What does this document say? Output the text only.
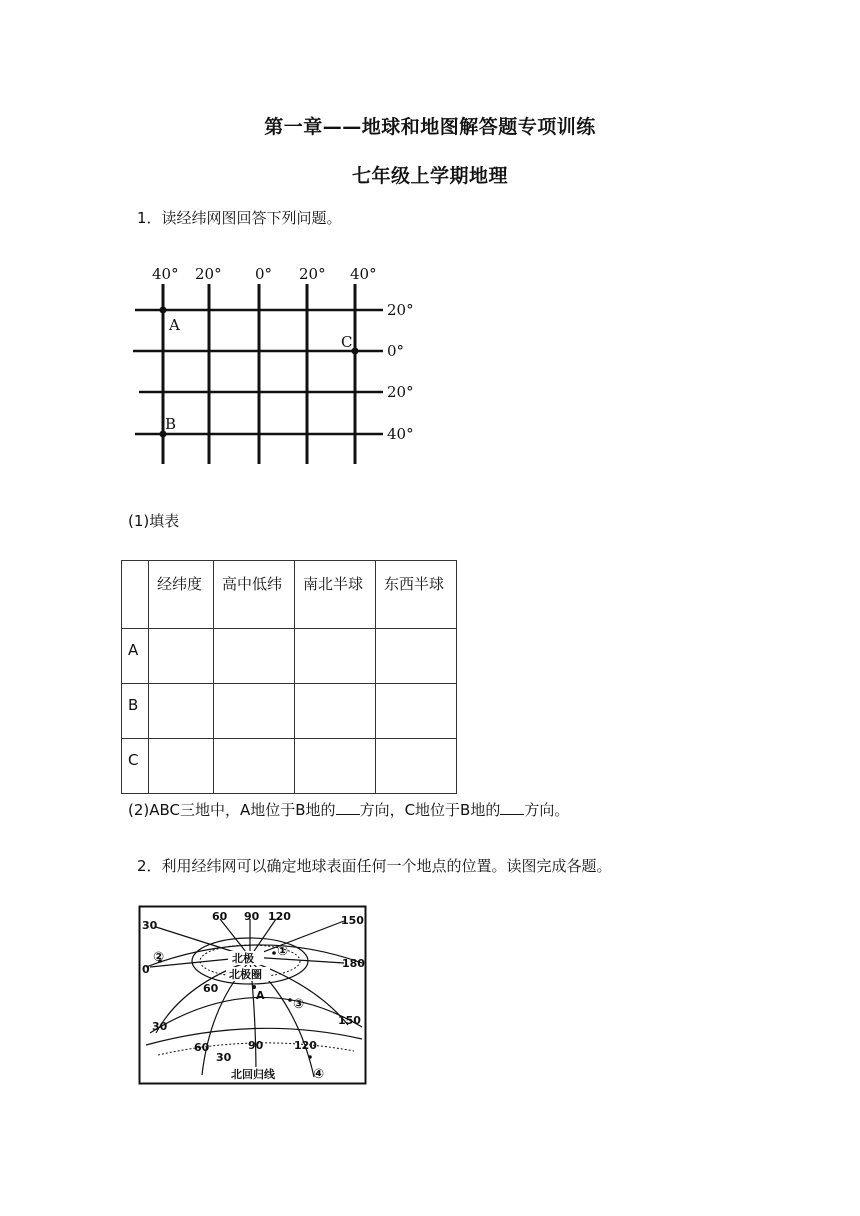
第一章——地球和地图解答题专项训练
七年级上学期地理
1．读经纬网图回答下列问题。
40° 20° 0° 20° 40°
20°
0°
20°
40°
A
C
B
(1)填表
	经纬度	高中低纬	南北半球	东西半球
A				
B				
C				
(2)ABC三地中，A地位于B地的 方向，C地位于B地的 方向。
2．利用经纬网可以确定地球表面任何一个地点的位置。读图完成各题。
60 90 120	150
180
30
0
60
150
30
60
30
90	120
北极
北极圈
北回归线
A
①
②
③
④
